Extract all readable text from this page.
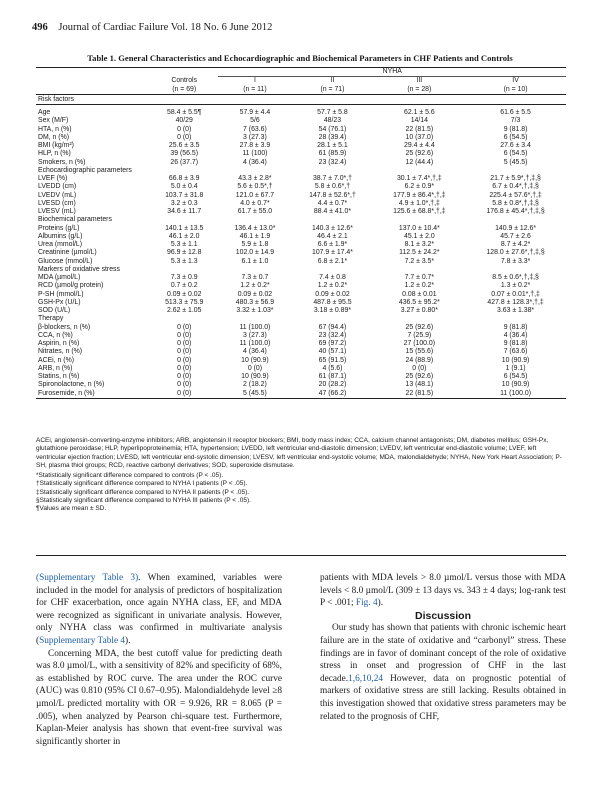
496 Journal of Cardiac Failure Vol. 18 No. 6 June 2012
Table 1. General Characteristics and Echocardiographic and Biochemical Parameters in CHF Patients and Controls
		NYHA			
	Controls	I	II	III	IV
	(n = 69)	(n = 11)	(n = 71)	(n = 28)	(n = 10)
Risk factors					

Age	58.4 ± 5.5¶	57.9 ± 4.4	57.7 ± 5.8	62.1 ± 5.6	61.6 ± 5.5
Sex (M/F)	40/29	5/6	48/23	14/14	7/3
HTA, n (%)	0 (0)	7 (63.6)	54 (76.1)	22 (81.5)	9 (81.8)
DM, n (%)	0 (0)	3 (27.3)	28 (39.4)	10 (37.0)	6 (54.5)
BMI (kg/m²)	25.6 ± 3.5	27.8 ± 3.9	28.1 ± 5.1	29.4 ± 4.4	27.6 ± 3.4
HLP, n (%)	39 (56.5)	11 (100)	61 (85.9)	25 (92.6)	6 (54.5)
Smokers, n (%)	26 (37.7)	4 (36.4)	23 (32.4)	12 (44.4)	5 (45.5)
Echocardiographic parameters					
LVEF (%)	66.8 ± 3.9	43.3 ± 2.8*	38.7 ± 7.0*,†	30.1 ± 7.4*,†,‡	21.7 ± 5.9*,†,‡,§
LVEDD (cm)	5.0 ± 0.4	5.6 ± 0.5*,†	5.8 ± 0.6*,†	6.2 ± 0.9*	6.7 ± 0.4*,†,‡,§
LVEDV (mL)	103.7 ± 31.8	121.0 ± 67.7	147.8 ± 52.6*,†	177.9 ± 86.4*,†,‡	225.4 ± 57.6*,†,‡
LVESD (cm)	3.2 ± 0.3	4.0 ± 0.7*	4.4 ± 0.7*	4.9 ± 1.0*,†,‡	5.8 ± 0.8*,†,‡,§
LVESV (mL)	34.6 ± 11.7	61.7 ± 55.0	88.4 ± 41.0*	125.6 ± 68.8*,†,‡	176.8 ± 45.4*,†,‡,§
Biochemical parameters					
Proteins (g/L)	140.1 ± 13.5	136.4 ± 13.0*	140.3 ± 12.6*	137.0 ± 10.4*	140.9 ± 12.6*
Albumins (g/L)	46.1 ± 2.0	46.1 ± 1.9	46.4 ± 2.1	45.1 ± 2.0	45.7 ± 2.6
Urea (mmol/L)	5.3 ± 1.1	5.9 ± 1.8	6.6 ± 1.9*	8.1 ± 3.2*	8.7 ± 4.2*
Creatinine (µmol/L)	96.9 ± 12.8	102.0 ± 14.9	107.9 ± 17.4*	112.5 ± 24.2*	128.0 ± 27.6*,†,‡,§
Glucose (mmol/L)	5.3 ± 1.3	6.1 ± 1.0	6.8 ± 2.1*	7.2 ± 3.5*	7.8 ± 3.3*
Markers of oxidative stress					
MDA (µmol/L)	7.3 ± 0.9	7.3 ± 0.7	7.4 ± 0.8	7.7 ± 0.7*	8.5 ± 0.6*,†,‡,§
RCD (µmol/g protein)	0.7 ± 0.2	1.2 ± 0.2*	1.2 ± 0.2*	1.2 ± 0.2*	1.3 ± 0.2*
P-SH (mmol/L)	0.09 ± 0.02	0.09 ± 0.02	0.09 ± 0.02	0.08 ± 0.01	0.07 ± 0.01*,†,‡
GSH-Px (U/L)	513.3 ± 75.9	480.3 ± 56.9	487.8 ± 95.5	436.5 ± 95.2*	427.8 ± 128.3*,†,‡
SOD (U/L)	2.62 ± 1.05	3.32 ± 1.03*	3.18 ± 0.89*	3.27 ± 0.80*	3.63 ± 1.38*
Therapy					
β-blockers, n (%)	0 (0)	11 (100.0)	67 (94.4)	25 (92.6)	9 (81.8)
CCA, n (%)	0 (0)	3 (27.3)	23 (32.4)	7 (25.9)	4 (36.4)
Aspirin, n (%)	0 (0)	11 (100.0)	69 (97.2)	27 (100.0)	9 (81.8)
Nitrates, n (%)	0 (0)	4 (36.4)	40 (57.1)	15 (55.6)	7 (63.6)
ACEi, n (%)	0 (0)	10 (90.9)	65 (91.5)	24 (88.9)	10 (90.9)
ARB, n (%)	0 (0)	0 (0)	4 (5.6)	0 (0)	1 (9.1)
Statins, n (%)	0 (0)	10 (90.9)	61 (87.1)	25 (92.6)	6 (54.5)
Spironolactone, n (%)	0 (0)	2 (18.2)	20 (28.2)	13 (48.1)	10 (90.9)
Furosemide, n (%)	0 (0)	5 (45.5)	47 (66.2)	22 (81.5)	11 (100.0)

ACEi, angiotensin-converting-enzyme inhibitors; ARB, angiotensin II receptor blockers; BMI, body mass index; CCA, calcium channel antagonists; DM, diabetes mellitus; GSH-Px, glutathione peroxidase; HLP, hyperlipoproteinemia; HTA, hypertension; LVEDD, left ventricular end-diastolic dimension; LVEDV, left ventricular end-diastolic volume; LVEF, left ventricular ejection fraction; LVESD, left ventricular end-systolic dimension; LVESV, left ventricular end-systolic volume; MDA, malondialdehyde; NYHA, New York Heart Association; P-SH, plasma thiol groups; RCD, reactive carbonyl derivatives; SOD, superoxide dismutase.

*Statistically significant difference compared to controls (P < .05).

†Statistically significant difference compared to NYHA I patients (P < .05).

‡Statistically significant difference compared to NYHA II patients (P < .05).

§Statistically significant difference compared to NYHA III patients (P < .05).

¶Values are mean ± SD.

(Supplementary Table 3). When examined, variables were included in the model for analysis of predictors of hospitalization for CHF exacerbation, once again NYHA class, EF, and MDA were recognized as significant in univariate analysis. However, only NYHA class was confirmed in multivariate analysis (Supplementary Table 4).

Concerning MDA, the best cutoff value for predicting death was 8.0 µmol/L, with a sensitivity of 82% and specificity of 68%, as established by ROC curve. The area under the ROC curve (AUC) was 0.810 (95% CI 0.67–0.95). Malondialdehyde level ≥8 µmol/L predicted mortality with OR = 9.926, RR = 8.065 (P = .005), when analyzed by Pearson chi-square test. Furthermore, Kaplan-Meier analysis has shown that event-free survival was significantly shorter in

patients with MDA levels > 8.0 µmol/L versus those with MDA levels < 8.0 µmol/L (309 ± 13 days vs. 343 ± 4 days; log-rank test P < .001; Fig. 4).

Discussion

Our study has shown that patients with chronic ischemic heart failure are in the state of oxidative and “carbonyl” stress. These findings are in favor of dominant concept of the role of oxidative stress in onset and progression of CHF in the last decade.1,6,10,24 However, data on prognostic potential of markers of oxidative stress are still lacking. Results obtained in this investigation showed that oxidative stress parameters may be related to the prognosis of CHF,
